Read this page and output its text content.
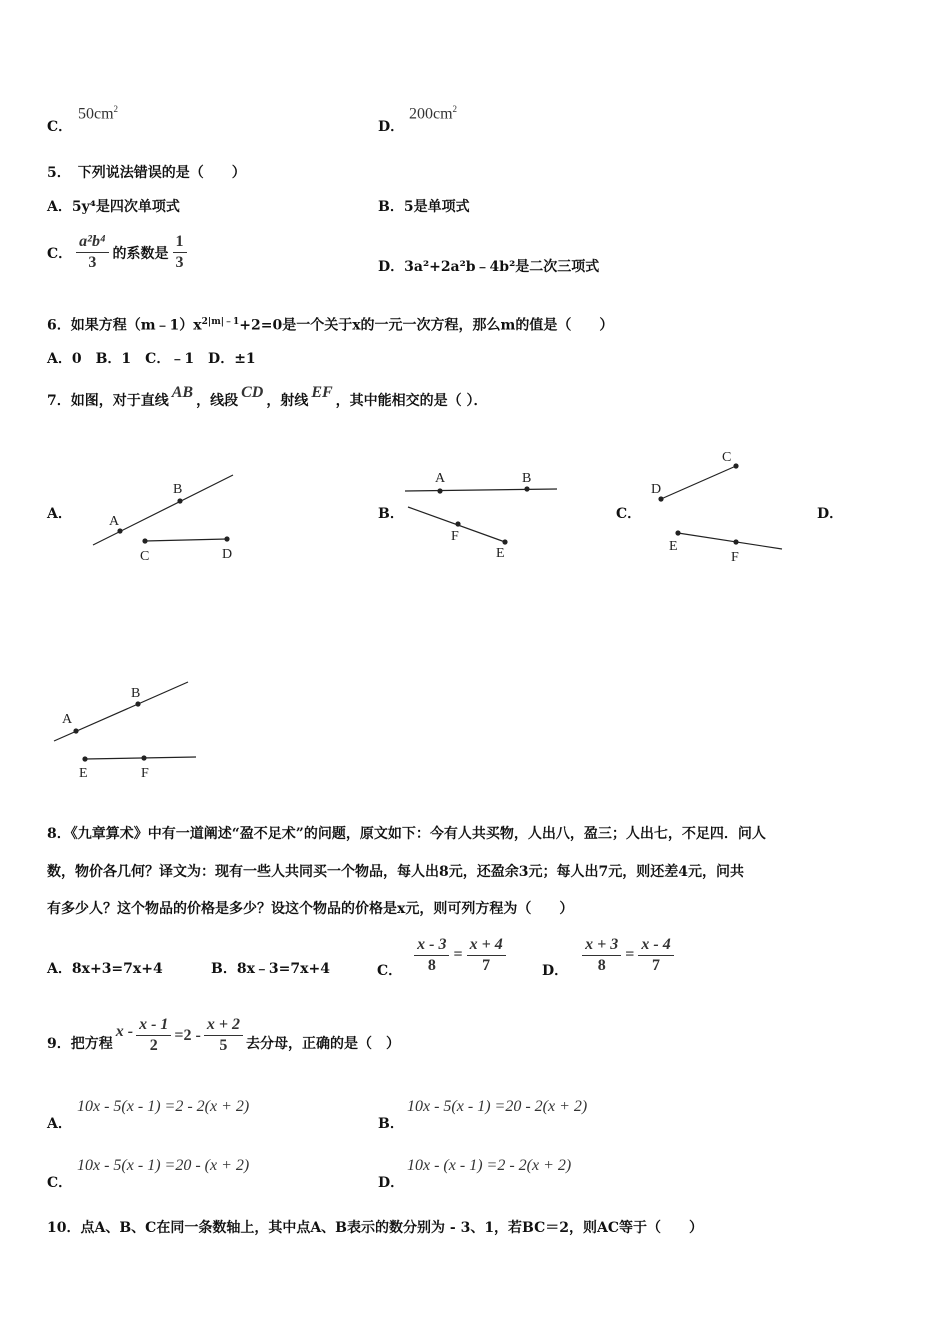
C．
$50cm^2$
D．
$200cm^2$
5．　下列说法错误的是（　　）
A．5y⁴是四次单项式	B．5是单项式
C． $\frac{\text{a²b⁴}}{3}$ 的系数是 $\frac{1}{3}$	D．3a²+2a²b﹣4b²是二次三项式
6．如果方程$(m﹣1)x^{2|m|﹣1}+2=0$是一个关于x的一元一次方程，那么m的值是（　　）
A．0　B．1　C．﹣1　D．±1
7．如图，对于直线 AB ，线段 CD ，射线 EF ，其中能相交的是（ ）．
A．	B．	C．	D．
A
B
C	D
A	B
F
E
D
C
E
F
A
B
E	F
8．《九章算术》中有一道阐述“盈不足术”的问题，原文如下：今有人共买物，人出八，盈三；人出七，不足四．问人
数，物价各几何？译文为：现有一些人共同买一个物品，每人出8元，还盈余3元；每人出7元，则还差4元，问共
有多少人？这个物品的价格是多少？设这个物品的价格是x元，则可列方程为（　　）
A．8x+3=7x+4	B．8x﹣3=7x+4	C． $\frac{x - 3}{8} = \frac{x + 4}{7}$	D． $\frac{x + 3}{8} = \frac{x - 4}{7}$
9．把方程
$x - \frac{x - 1}{2} =2 - \frac{x + 2}{5}$ 去分母，正确的是（　）
A．
10x - 5(x - 1) =2 - 2(x + 2)
B．
10x - 5(x - 1) =20 - 2(x + 2)
C．
10x - 5(x - 1) =20 - (x + 2)
D．
10x - (x - 1) =2 - 2(x + 2)
10．点A、B、C在同一条数轴上，其中点A、B表示的数分别为 - 3、1，若BC＝2，则AC等于（　　）
